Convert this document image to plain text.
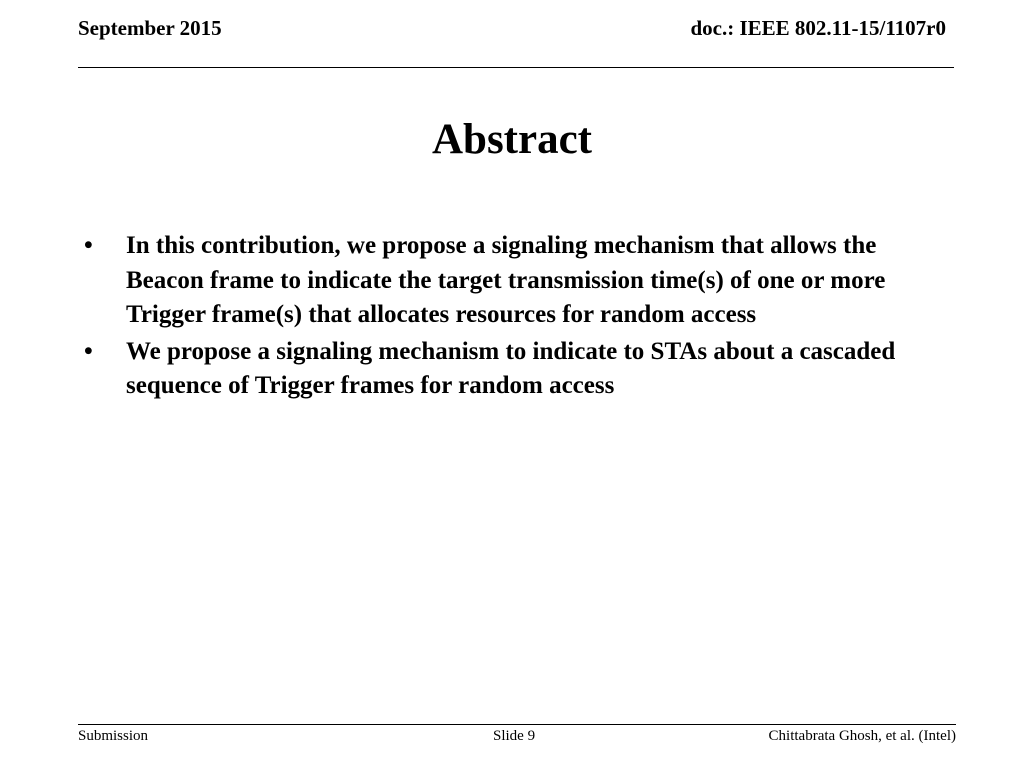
September 2015	doc.: IEEE 802.11-15/1107r0
Abstract
•	In this contribution, we propose a signaling mechanism that allows the Beacon frame to indicate the target transmission time(s) of one or more Trigger frame(s) that allocates resources for random access
•	We propose a signaling mechanism to indicate to STAs about a cascaded sequence of Trigger frames for random access
Submission	Slide 9	Chittabrata Ghosh, et al. (Intel)
